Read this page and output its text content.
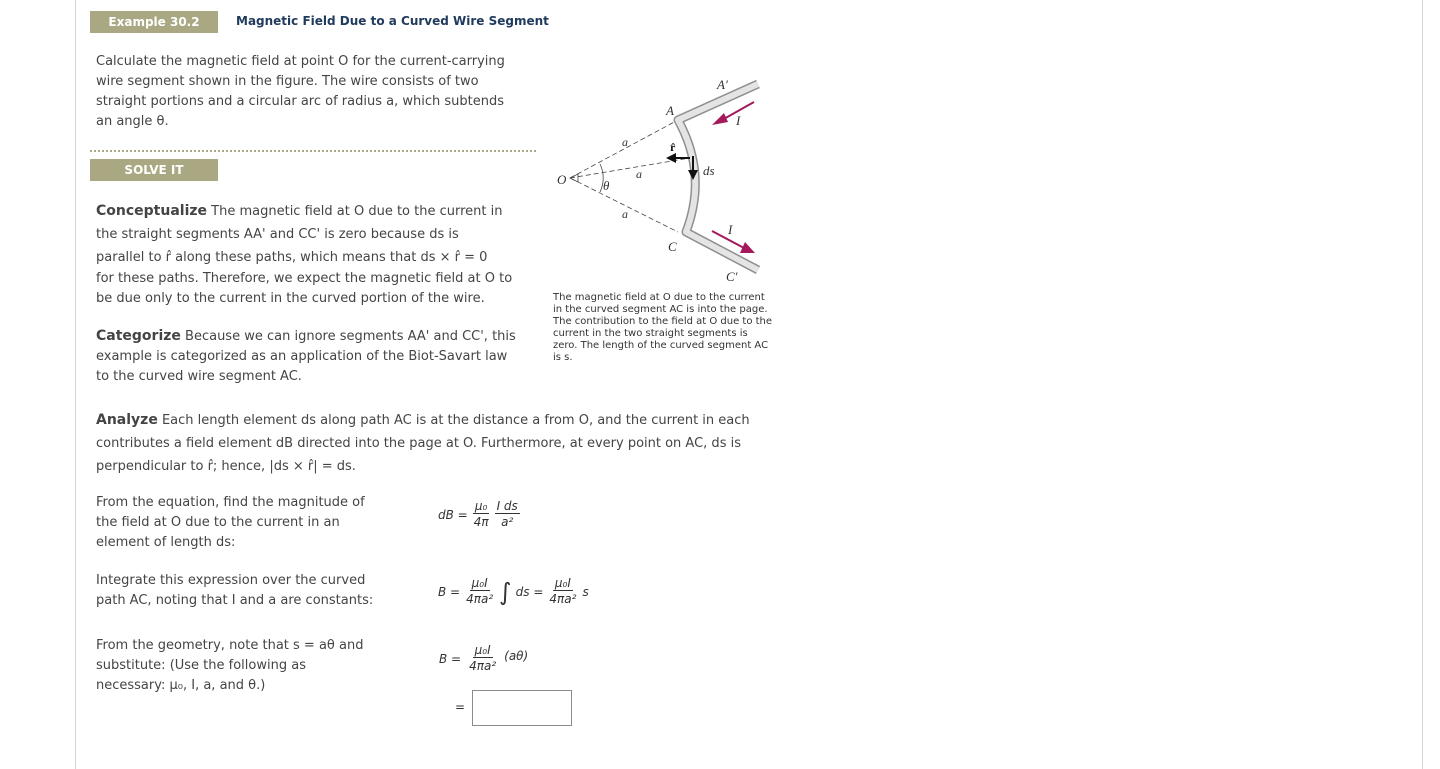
Example 30.2	Magnetic Field Due to a Curved Wire Segment
Calculate the magnetic field at point O for the current-carrying
wire segment shown in the figure. The wire consists of two
straight portions and a circular arc of radius a, which subtends
an angle θ.
SOLVE IT
Conceptualize The magnetic field at O due to the current in
the straight segments AA' and CC' is zero because ds is
parallel to r̂ along these paths, which means that ds × r̂ = 0
for these paths. Therefore, we expect the magnetic field at O to
be due only to the current in the curved portion of the wire.
Categorize Because we can ignore segments AA' and CC', this
example is categorized as an application of the Biot-Savart law
to the curved wire segment AC.
O
A
A′
C
C′
I
I
θ
a
a
a
r̂
ds
The magnetic field at O due to the current
in the curved segment AC is into the page.
The contribution to the field at O due to the
current in the two straight segments is
zero. The length of the curved segment AC
is s.
Analyze Each length element ds along path AC is at the distance a from O, and the current in each
contributes a field element dB directed into the page at O. Furthermore, at every point on AC, ds is
perpendicular to r̂; hence, |ds × r̂| = ds.
From the equation, find the magnitude of
the field at O due to the current in an
element of length ds:
Integrate this expression over the curved
path AC, noting that I and a are constants:
From the geometry, note that s = aθ and
substitute: (Use the following as
necessary: μ₀, I, a, and θ.)
dB = $\frac{\text{μ₀}}{4\pi} \frac{\text{I ds}}{\text{a²}}$
$B = \frac{\text{μ₀I}}{\text{4πa²}}$ ∫ ds = $\frac{\text{μ₀I}}{\text{4πa²}}$ s
$B = \frac{\text{μ₀I}}{\text{4πa²}} (a\theta)$
=
